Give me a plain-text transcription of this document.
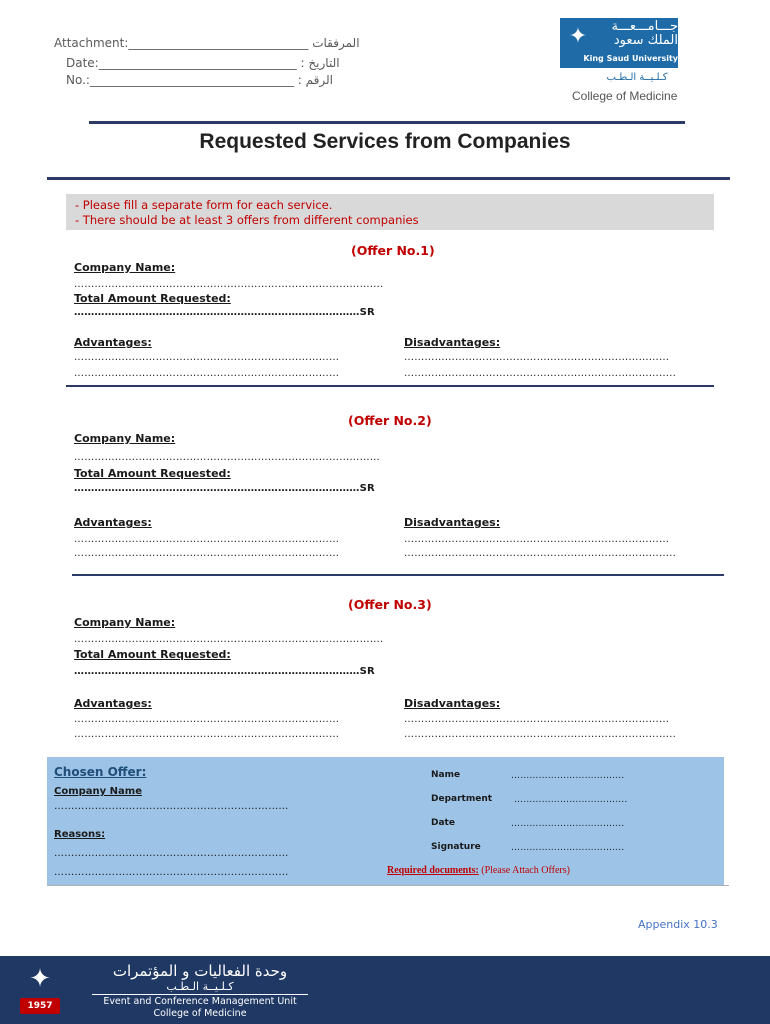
Attachment:______________________________ المرفقات
Date:_________________________________ : التاريخ
No.:__________________________________ : الرقم
✦	جـــامـــعـــة
الملك سعود
King Saud University
كـلـيــة الـطـب
College of Medicine
Requested Services from Companies
- Please fill a separate form for each service.
- There should be at least 3 offers from different companies
(Offer No.1)
Company Name:
……………………………………………………………………………….
Total Amount Requested:
…………………………………………………………………………SR
Advantages:
……………………………………………………………………
……………………………………………………………………
Disadvantages:
……………………………………………………………………
……………………………………………………………………..
(Offer No.2)
Company Name:
………………………………………………………………………………
Total Amount Requested:
…………………………………………………………………………SR
Advantages:
……………………………………………………………………
……………………………………………………………………
Disadvantages:
……………………………………………………………………
……………………………………………………………………..
(Offer No.3)
Company Name:
……………………………………………………………………………….
Total Amount Requested:
…………………………………………………………………………SR
Advantages:
……………………………………………………………………
……………………………………………………………………
Disadvantages:
……………………………………………………………………
……………………………………………………………………..
Chosen Offer:
Company Name
……………………………………………………………
Reasons:
……………………………………………………………
……………………………………………………………
Name	……………………………….
Department ……………………………….
Date	……………………………….
Signature	……………………………….
Required documents: (Please Attach Offers)
Appendix 10.3
✦
1957
وحدة الفعاليات و المؤتمرات
كـلـيــة الـطـب
Event and Conference Management Unit
College of Medicine
